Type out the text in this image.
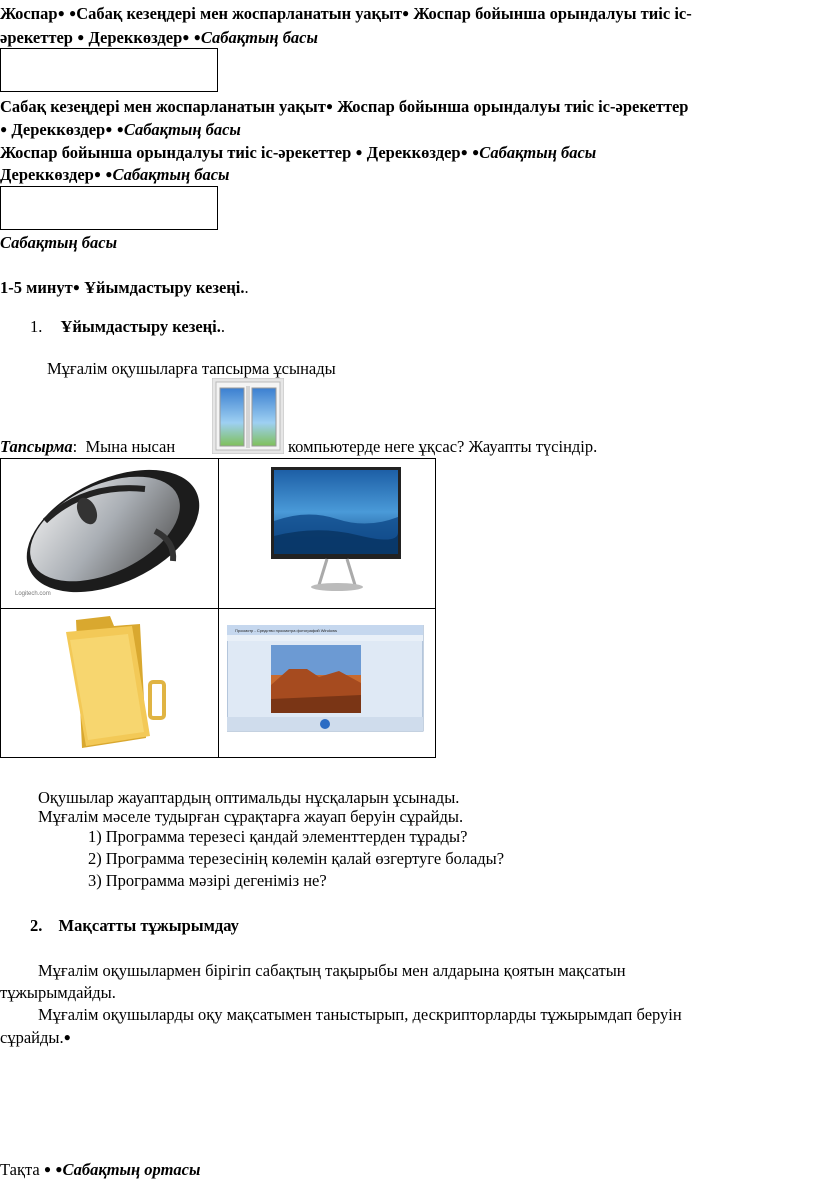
Жоспар● ●Сабақ кезеңдері мен жоспарланатын уақыт● Жоспар бойынша орындалуы тиіс іс-
әрекеттер ● Дереккөздер● ●Сабақтың басы
Сабақ кезеңдері мен жоспарланатын уақыт● Жоспар бойынша орындалуы тиіс іс-әрекеттер
● Дереккөздер● ●Сабақтың басы
Жоспар бойынша орындалуы тиіс іс-әрекеттер ● Дереккөздер● ●Сабақтың басы
Дереккөздер● ●Сабақтың басы
Сабақтың басы
1-5 минут● Ұйымдастыру кезеңі..
1. Ұйымдастыру кезеңі..
Мұғалім оқушыларға тапсырма ұсынады
Тапсырма: Мына нысан	компьютерде неге ұқсас? Жауапты түсіндір.
Logitech.com

Просмотр - Средство просмотра фотографий Windows
Оқушылар жауаптардың оптимальды нұсқаларын ұсынады.
Мұғалім мәселе тудырған сұрақтарға жауап беруін сұрайды.
1) Программа терезесі қандай элементтерден тұрады?
2) Программа терезесінің көлемін қалай өзгертуге болады?
3) Программа мәзірі дегеніміз не?
2. Мақсатты тұжырымдау
Мұғалім оқушылармен бірігіп сабақтың тақырыбы мен алдарына қоятын мақсатын
тұжырымдайды.
Мұғалім оқушыларды оқу мақсатымен таныстырып, дескрипторларды тұжырымдап беруін
сұрайды.●
Тақта ● ●Сабақтың ортасы
